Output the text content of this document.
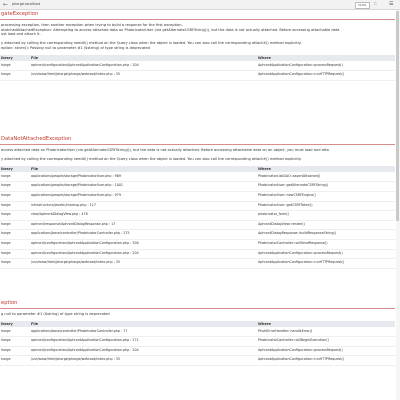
← phorge.localhost	110%	☆ ☰
gateException
processing exception, then another exception when trying to build a response for the first exception.
atatchedAttachedException: Attempting to access attached data on PhabricatorUser (via getAlternateCSRFString()), but the data is not actually attached. Before accessing attachable data
ust load and attach it.
y attached by calling the corresponding needX() method on the Query class when the object is loaded. You can also call the corresponding attachX() method explicitly.
eption: strlen(): Passing null to parameter #1 ($string) of type string is deprecated
ibrary	File	Where
horge	aphront/configuration/AphrontApplicationConfiguration.php : 204	AphrontApplicationConfiguration::processRequest()
horge	/usr/www/html/phorge/phorge/webroot/index.php : 35	AphrontApplicationConfiguration::runHTTPRequest()
DataNotAttachedException
access attached data on PhabricatorUser (via getAlternateCSRFString()), but the data is not actually attached. Before accessing attachable data on an object, you must load and atta
y attached by calling the corresponding needX() method on the Query class when the object is loaded. You can also call the corresponding attachX() method explicitly.
ibrary	File	Where
horge	applications/people/storage/PhabricatorUser.php : 989	PhabricatorLiskDAO::assertAttached()
horge	applications/people/storage/PhabricatorUser.php : 1001	PhabricatorUser::getAlternateCSRFString()
horge	applications/people/storage/PhabricatorUser.php : 979	PhabricatorUser::newCSRFEngine()
horge	infrastructure/javelin/markup.php : 117	PhabricatorUser::getCSRFToken()
horge	view/AphrontDialogView.php : 478	phabricator_form()
horge	aphront/response/AphrontDialogResponse.php : 17	AphrontDialogView::render()
horge	applications/base/controller/PhabricatorController.php : 275	AphrontDialogResponse::buildResponseString()
horge	aphront/configuration/AphrontApplicationConfiguration.php : 300	PhabricatorController::willSendResponse()
horge	aphront/configuration/AphrontApplicationConfiguration.php : 204	AphrontApplicationConfiguration::processRequest()
horge	/usr/www/html/phorge/phorge/webroot/index.php : 35	AphrontApplicationConfiguration::runHTTPRequest()
eption
g null to parameter #1 ($string) of type string is deprecated
ibrary	File	Where
horge	applications/base/controller/PhabricatorController.php : 77	PhutilErrorHandler::handleError()
horge	aphront/configuration/AphrontApplicationConfiguration.php : 271	PhabricatorController::willBeginExecution()
horge	aphront/configuration/AphrontApplicationConfiguration.php : 204	AphrontApplicationConfiguration::processRequest()
horge	/usr/www/html/phorge/phorge/webroot/index.php : 35	AphrontApplicationConfiguration::runHTTPRequest()
